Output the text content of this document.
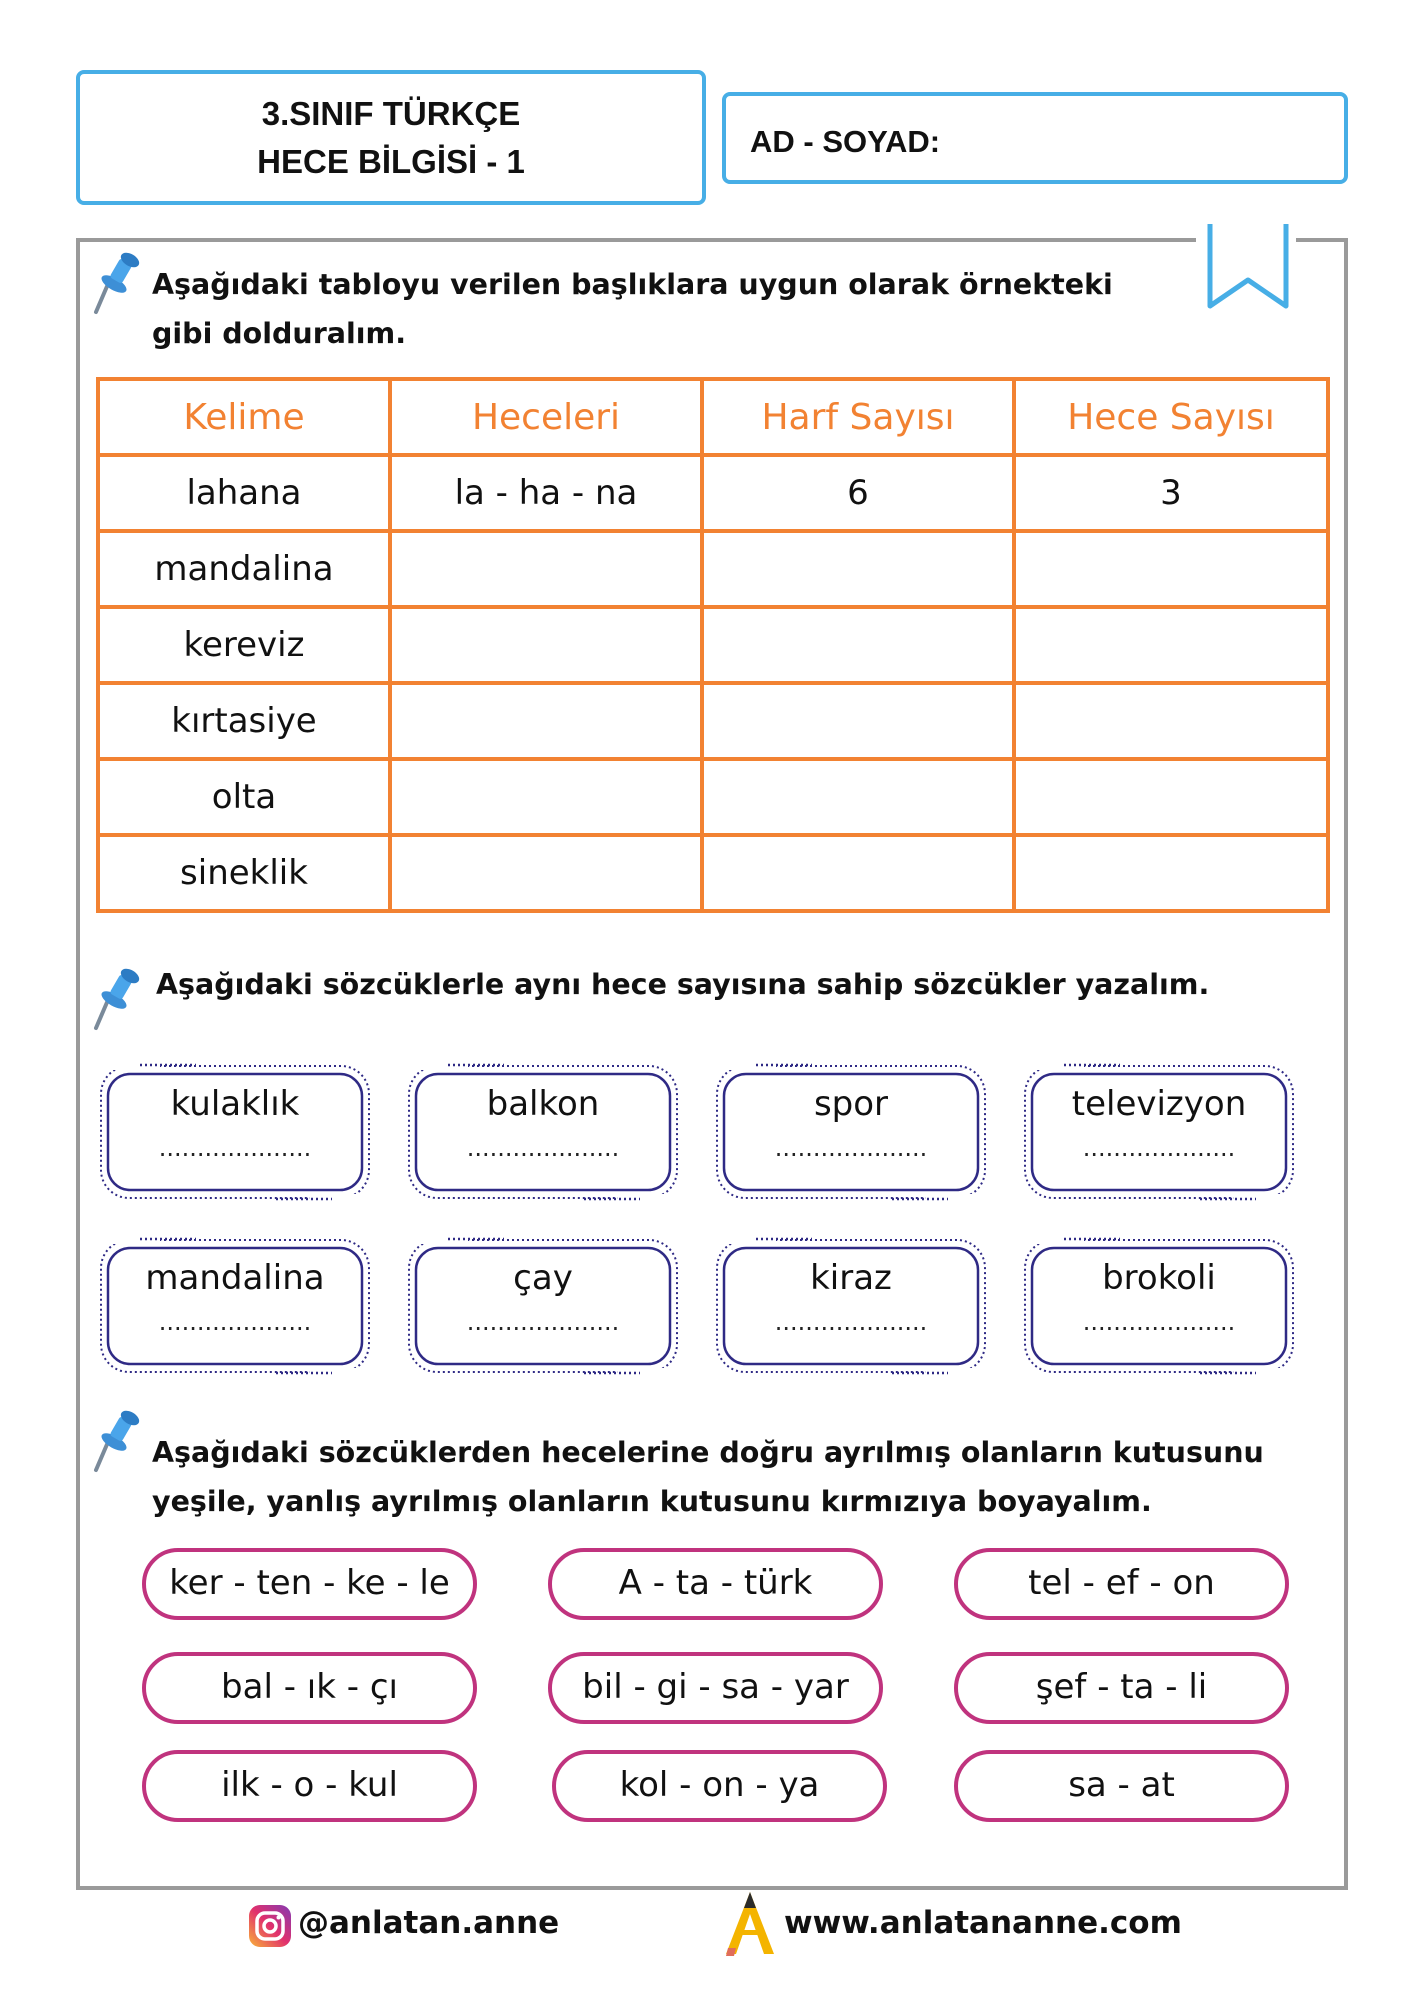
3.SINIF TÜRKÇE
HECE BİLGİSİ - 1
AD - SOYAD:
Aşağıdaki tabloyu verilen başlıklara uygun olarak örnekteki
gibi dolduralım.
Kelime	Heceleri	Harf Sayısı	Hece Sayısı
lahana	la - ha - na	6	3
mandalina			
kereviz			
kırtasiye			
olta			
sineklik			
Aşağıdaki sözcüklerle aynı hece sayısına sahip sözcükler yazalım.
kulaklık
....................
balkon
....................
spor
....................
televizyon
....................
mandalina
....................
çay
....................
kiraz
....................
brokoli
....................
Aşağıdaki sözcüklerden hecelerine doğru ayrılmış olanların kutusunu
yeşile, yanlış ayrılmış olanların kutusunu kırmızıya boyayalım.
ker - ten - ke - le	A - ta - türk	tel - ef - on
bal - ık - çı	bil - gi - sa - yar	şef - ta - li
ilk - o - kul	kol - on - ya	sa - at
@anlatan.anne	www.anlatananne.com
